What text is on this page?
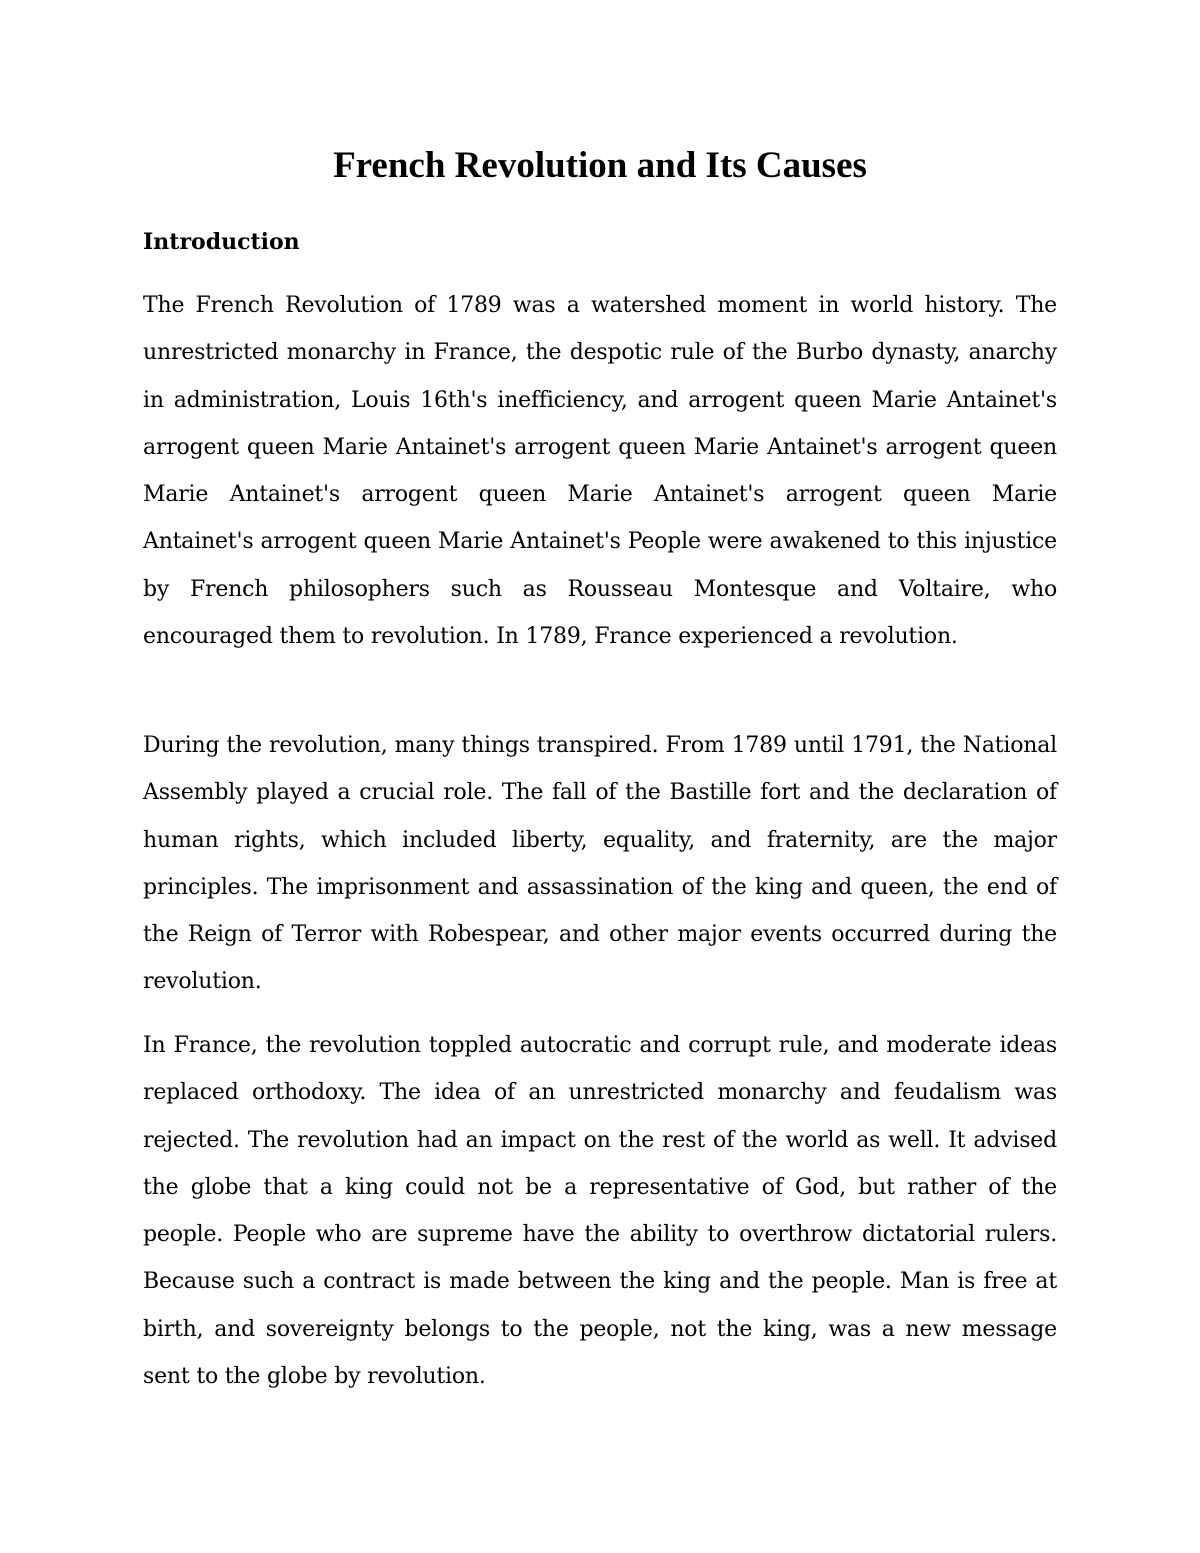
French Revolution and Its Causes
Introduction

The French Revolution of 1789 was a watershed moment in world history. The unrestricted monarchy in France, the despotic rule of the Burbo dynasty, anarchy in administration, Louis 16th's inefficiency, and arrogent queen Marie Antainet's arrogent queen Marie Antainet's arrogent queen Marie Antainet's arrogent queen Marie Antainet's arrogent queen Marie Antainet's arrogent queen Marie Antainet's arrogent queen Marie Antainet's People were awakened to this injustice by French philosophers such as Rousseau Montesque and Voltaire, who encouraged them to revolution. In 1789, France experienced a revolution.

During the revolution, many things transpired. From 1789 until 1791, the National Assembly played a crucial role. The fall of the Bastille fort and the declaration of human rights, which included liberty, equality, and fraternity, are the major principles. The imprisonment and assassination of the king and queen, the end of the Reign of Terror with Robespear, and other major events occurred during the revolution.

In France, the revolution toppled autocratic and corrupt rule, and moderate ideas replaced orthodoxy. The idea of an unrestricted monarchy and feudalism was rejected. The revolution had an impact on the rest of the world as well. It advised the globe that a king could not be a representative of God, but rather of the people. People who are supreme have the ability to overthrow dictatorial rulers. Because such a contract is made between the king and the people. Man is free at birth, and sovereignty belongs to the people, not the king, was a new message sent to the globe by revolution.
